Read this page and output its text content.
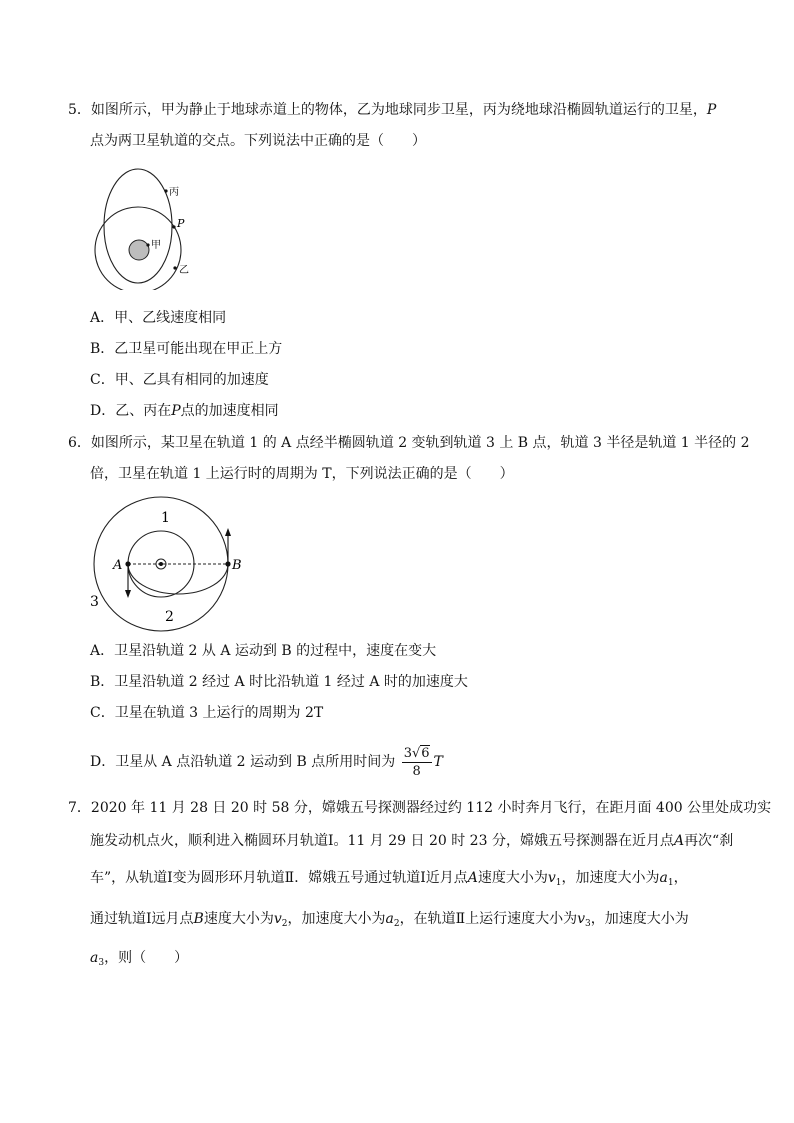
5．如图所示，甲为静止于地球赤道上的物体，乙为地球同步卫星，丙为绕地球沿椭圆轨道运行的卫星，P
点为两卫星轨道的交点。下列说法中正确的是（　　）
丙
P
甲
乙
A．甲、乙线速度相同
B．乙卫星可能出现在甲正上方
C．甲、乙具有相同的加速度
D．乙、丙在P点的加速度相同
6．如图所示，某卫星在轨道 1 的 A 点经半椭圆轨道 2 变轨到轨道 3 上 B 点，轨道 3 半径是轨道 1 半径的 2
倍，卫星在轨道 1 上运行时的周期为 T，下列说法正确的是（　　）
1
2
3
A	B
A．卫星沿轨道 2 从 A 运动到 B 的过程中，速度在变大
B．卫星沿轨道 2 经过 A 时比沿轨道 1 经过 A 时的加速度大
C．卫星在轨道 3 上运行的周期为 2T
D．卫星从 A 点沿轨道 2 运动到 B 点所用时间为 $\frac{3√6}{8}$ T
7．2020 年 11 月 28 日 20 时 58 分，嫦娥五号探测器经过约 112 小时奔月飞行，在距月面 400 公里处成功实
施发动机点火，顺利进入椭圆环月轨道Ⅰ。11 月 29 日 20 时 23 分，嫦娥五号探测器在近月点A再次“刹
车”，从轨道Ⅰ变为圆形环月轨道Ⅱ．嫦娥五号通过轨道Ⅰ近月点A速度大小为$v_1$，加速度大小为$a_1$，
通过轨道Ⅰ远月点B速度大小为$v_2$，加速度大小为$a_2$，在轨道Ⅱ上运行速度大小为$v_3$，加速度大小为
$a_3$，则（　　）
